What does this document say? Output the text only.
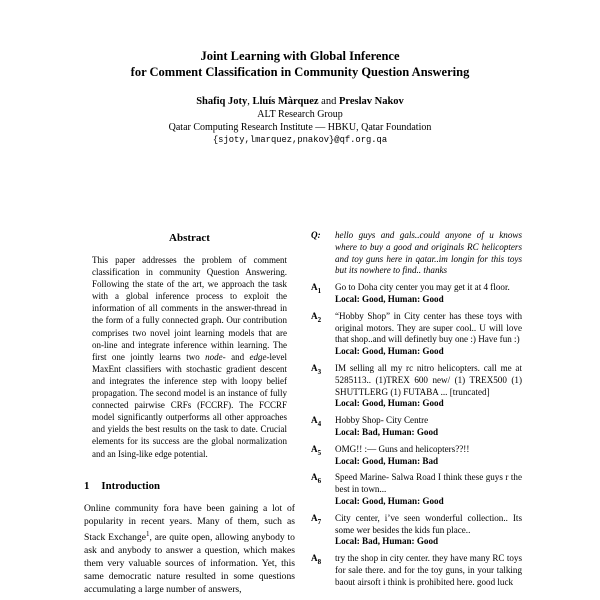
Joint Learning with Global Inference
for Comment Classification in Community Question Answering
Shafiq Joty, Lluís Màrquez and Preslav Nakov
ALT Research Group
Qatar Computing Research Institute — HBKU, Qatar Foundation
{sjoty,lmarquez,pnakov}@qf.org.qa
Abstract
This paper addresses the problem of comment classification in community Question Answering. Following the state of the art, we approach the task with a global inference process to exploit the information of all comments in the answer-thread in the form of a fully connected graph. Our contribution comprises two novel joint learning models that are on-line and integrate inference within learning. The first one jointly learns two node- and edge-level MaxEnt classifiers with stochastic gradient descent and integrates the inference step with loopy belief propagation. The second model is an instance of fully connected pairwise CRFs (FCCRF). The FCCRF model significantly outperforms all other approaches and yields the best results on the task to date. Crucial elements for its success are the global normalization and an Ising-like edge potential.
1 Introduction
Online community fora have been gaining a lot of popularity in recent years. Many of them, such as Stack Exchange$^1$, are quite open, allowing anybody to ask and anybody to answer a question, which makes them very valuable sources of information. Yet, this same democratic nature resulted in some questions accumulating a large number of answers,
Q:	hello guys and gals..could anyone of u knows where to buy a good and originals RC helicopters and toy guns here in qatar..im longin for this toys but its nowhere to find.. thanks
$A_1$	Go to Doha city center you may get it at 4 floor.
Local: Good, Human: Good
$A_2$	“Hobby Shop” in City center has these toys with original motors. They are super cool.. U will love that shop..and will definetly buy one :) Have fun :)
Local: Good, Human: Good
$A_3$	IM selling all my rc nitro helicopters. call me at 5285113.. (1)TREX 600 new/ (1) TREX500 (1) SHUTTLERG (1) FUTABA ... [truncated]
Local: Good, Human: Good
$A_4$	Hobby Shop- City Centre
Local: Bad, Human: Good
$A_5$	OMG!! :— Guns and helicopters??!!
Local: Good, Human: Bad
$A_6$	Speed Marine- Salwa Road I think these guys r the best in town...
Local: Good, Human: Good
$A_7$	City center, i’ve seen wonderful collection.. Its some wer besides the kids fun place..
Local: Bad, Human: Good
$A_8$	try the shop in city center. they have many RC toys for sale there. and for the toy guns, in your talking baout airsoft i think is prohibited here. good luck
